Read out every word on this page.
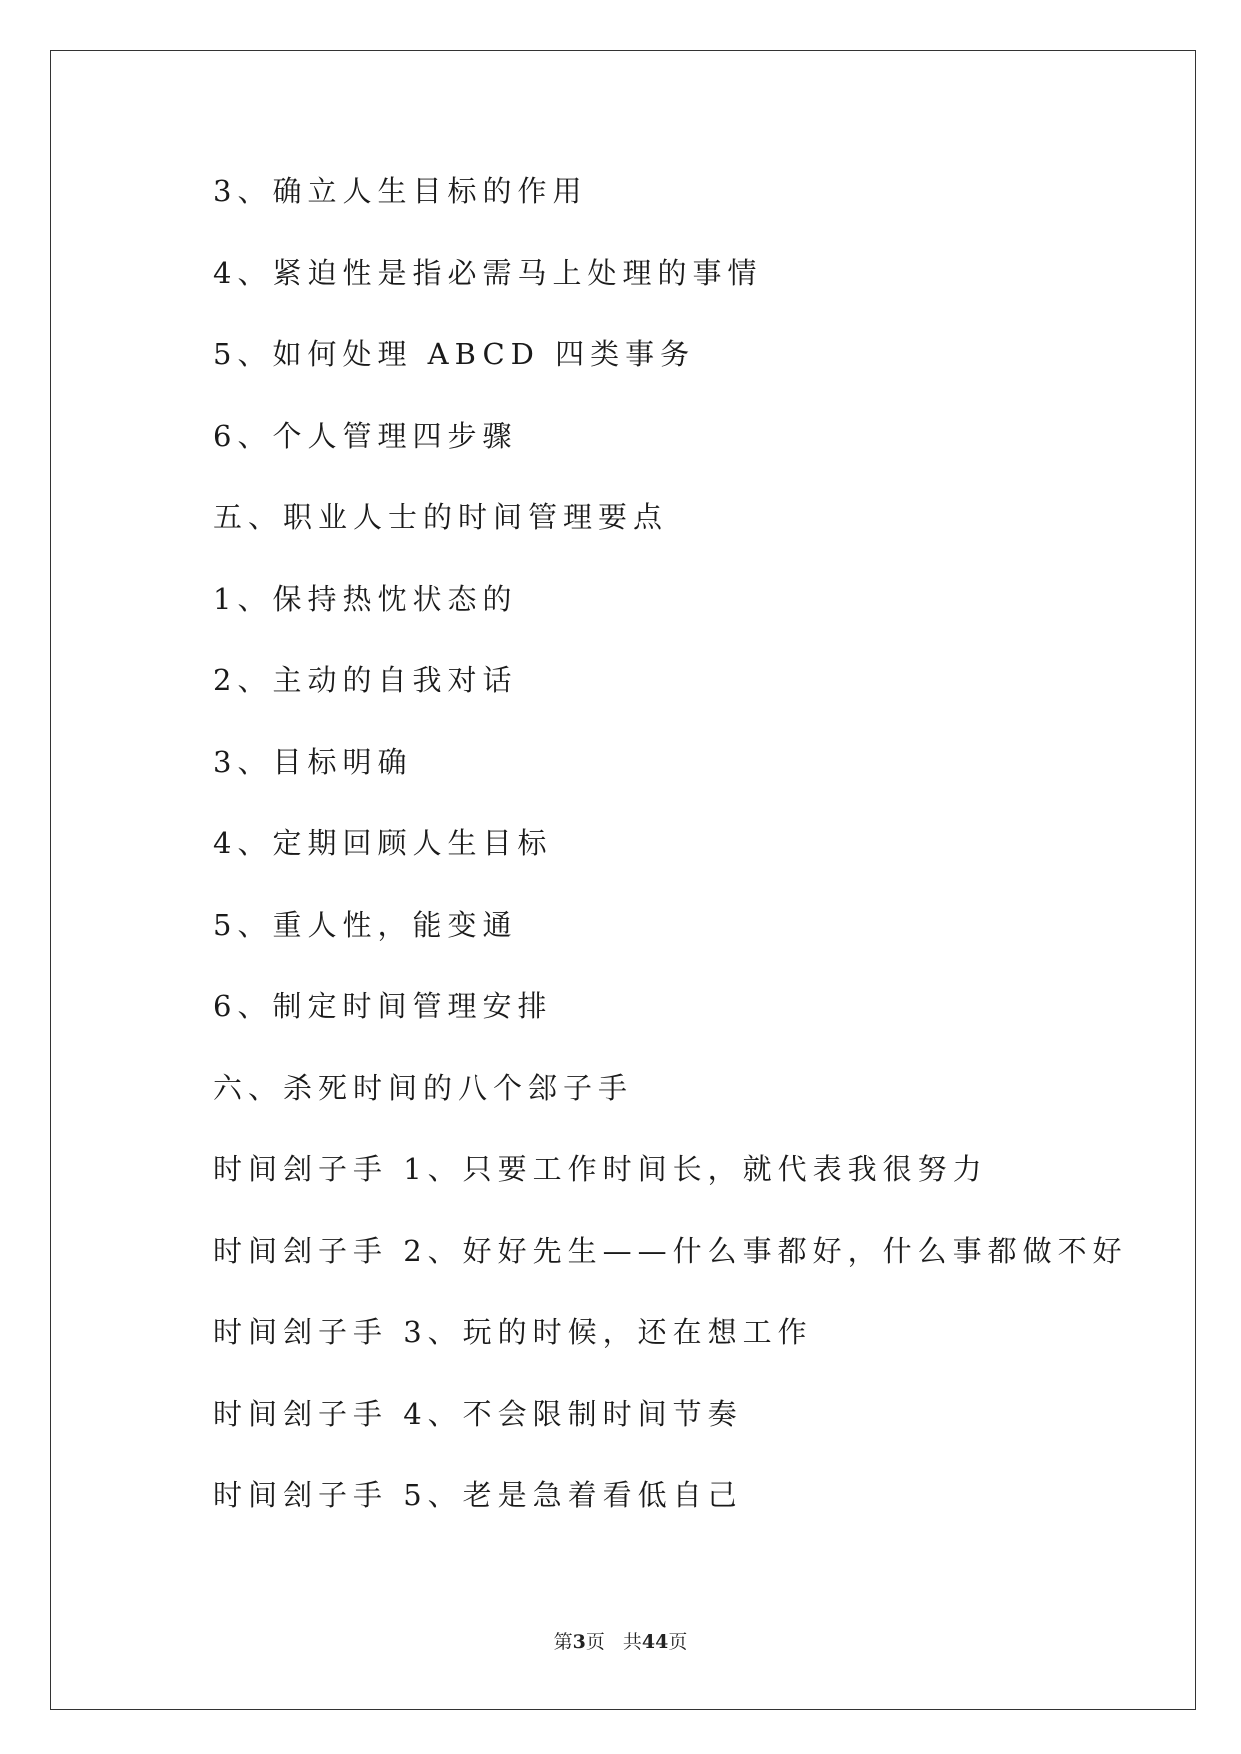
3、确立人生目标的作用
4、紧迫性是指必需马上处理的事情
5、如何处理 ABCD 四类事务
6、个人管理四步骤
五、职业人士的时间管理要点
1、保持热忱状态的
2、主动的自我对话
3、目标明确
4、定期回顾人生目标
5、重人性，能变通
6、制定时间管理安排
六、杀死时间的八个郐子手
时间刽子手 1、只要工作时间长，就代表我很努力
时间刽子手 2、好好先生——什么事都好，什么事都做不好
时间刽子手 3、玩的时候，还在想工作
时间刽子手 4、不会限制时间节奏
时间刽子手 5、老是急着看低自己
第3页 共44页
